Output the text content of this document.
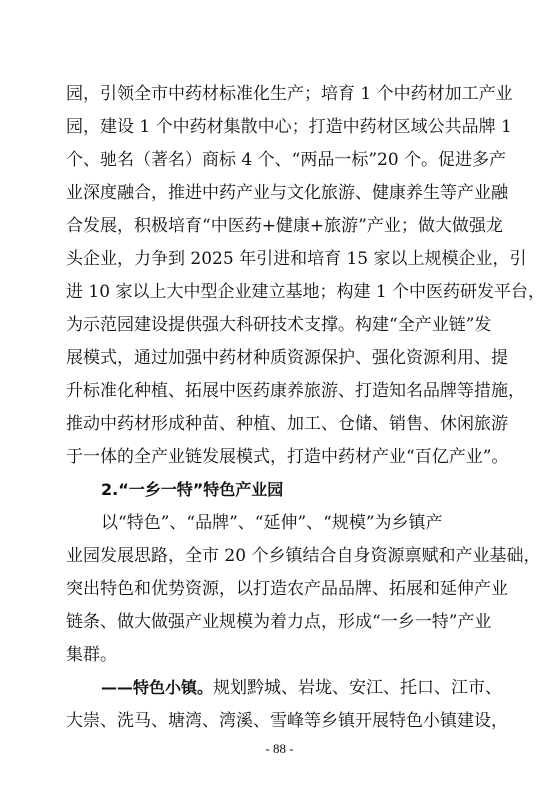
园，引领全市中药材标准化生产；培育 1 个中药材加工产业
园，建设 1 个中药材集散中心；打造中药材区域公共品牌 1
个、驰名（著名）商标 4 个、“两品一标”20 个。促进多产
业深度融合，推进中药产业与文化旅游、健康养生等产业融
合发展，积极培育“中医药+健康+旅游”产业；做大做强龙
头企业，力争到 2025 年引进和培育 15 家以上规模企业，引
进 10 家以上大中型企业建立基地；构建 1 个中医药研发平台，
为示范园建设提供强大科研技术支撑。构建“全产业链”发
展模式，通过加强中药材种质资源保护、强化资源利用、提
升标准化种植、拓展中医药康养旅游、打造知名品牌等措施，
推动中药材形成种苗、种植、加工、仓储、销售、休闲旅游
于一体的全产业链发展模式，打造中药材产业“百亿产业”。
2.“一乡一特”特色产业园
以“特色”、“品牌”、“延伸”、“规模”为乡镇产
业园发展思路，全市 20 个乡镇结合自身资源禀赋和产业基础，
突出特色和优势资源，以打造农产品品牌、拓展和延伸产业
链条、做大做强产业规模为着力点，形成“一乡一特”产业
集群。
——特色小镇。规划黔城、岩垅、安江、托口、江市、
- 88 -
大崇、洗马、塘湾、湾溪、雪峰等乡镇开展特色小镇建设，
